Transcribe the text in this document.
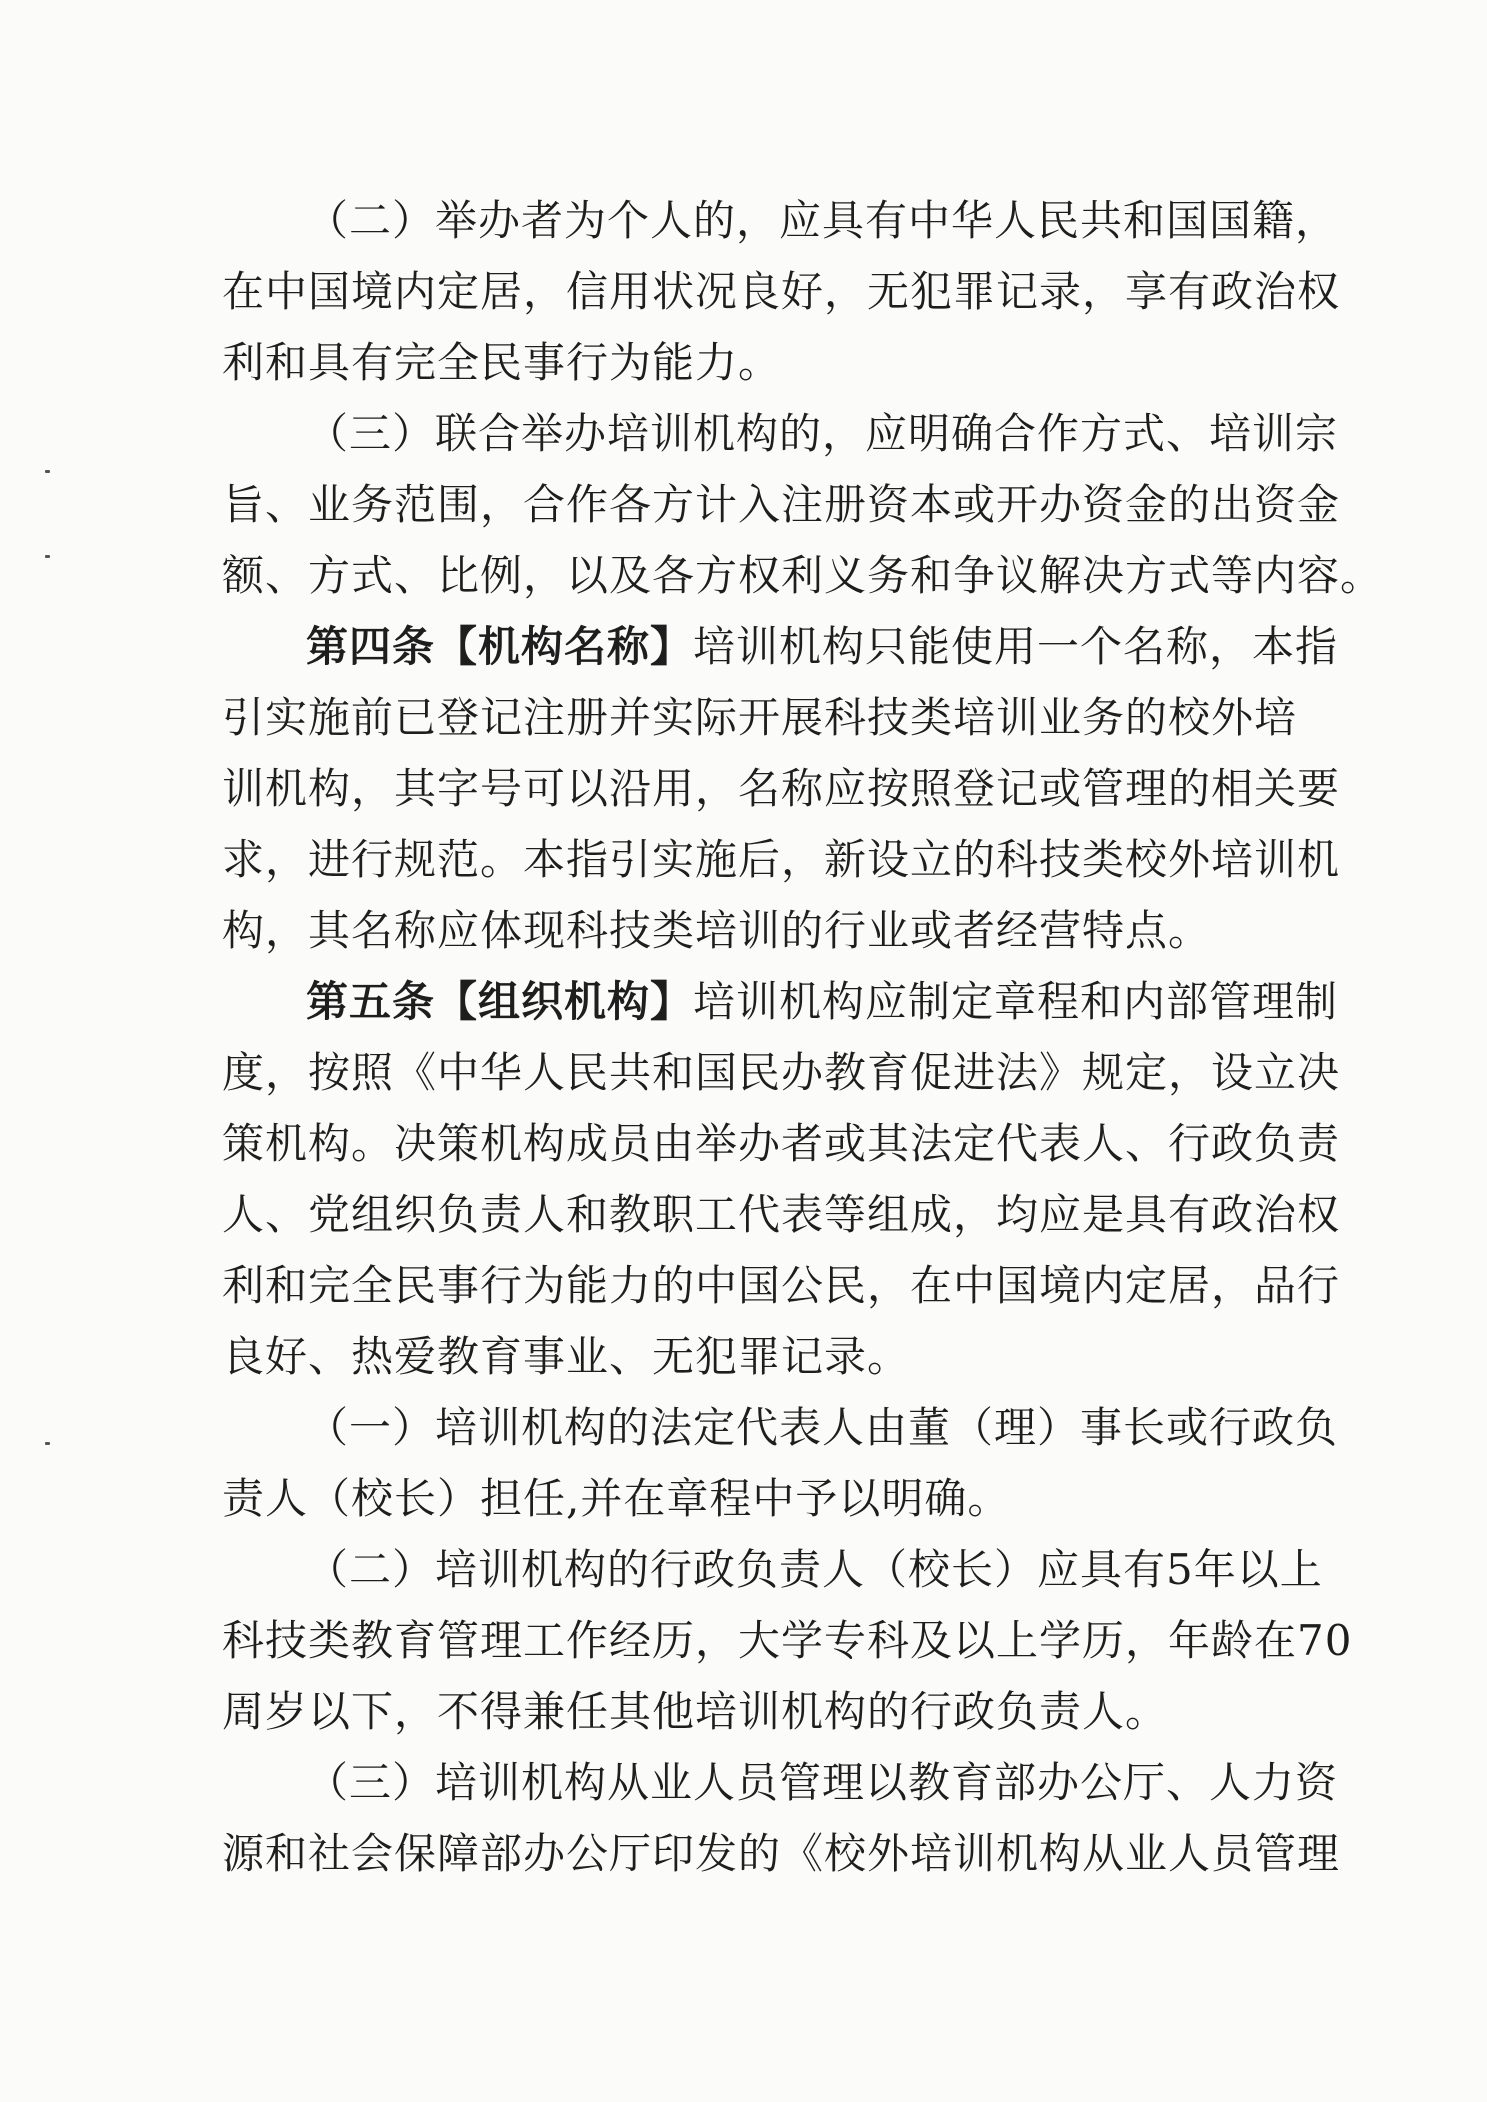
（二）举办者为个人的，应具有中华人民共和国国籍，
在中国境内定居，信用状况良好，无犯罪记录，享有政治权
利和具有完全民事行为能力。
（三）联合举办培训机构的，应明确合作方式、培训宗
旨、业务范围，合作各方计入注册资本或开办资金的出资金
额、方式、比例，以及各方权利义务和争议解决方式等内容。
第四条【机构名称】培训机构只能使用一个名称，本指
引实施前已登记注册并实际开展科技类培训业务的校外培
训机构，其字号可以沿用，名称应按照登记或管理的相关要
求，进行规范。本指引实施后，新设立的科技类校外培训机
构，其名称应体现科技类培训的行业或者经营特点。
第五条【组织机构】培训机构应制定章程和内部管理制
度，按照《中华人民共和国民办教育促进法》规定，设立决
策机构。决策机构成员由举办者或其法定代表人、行政负责
人、党组织负责人和教职工代表等组成，均应是具有政治权
利和完全民事行为能力的中国公民，在中国境内定居，品行
良好、热爱教育事业、无犯罪记录。
（一）培训机构的法定代表人由董（理）事长或行政负
责人（校长）担任,并在章程中予以明确。
（二）培训机构的行政负责人（校长）应具有5年以上
科技类教育管理工作经历，大学专科及以上学历，年龄在70
周岁以下，不得兼任其他培训机构的行政负责人。
（三）培训机构从业人员管理以教育部办公厅、人力资
源和社会保障部办公厅印发的《校外培训机构从业人员管理
